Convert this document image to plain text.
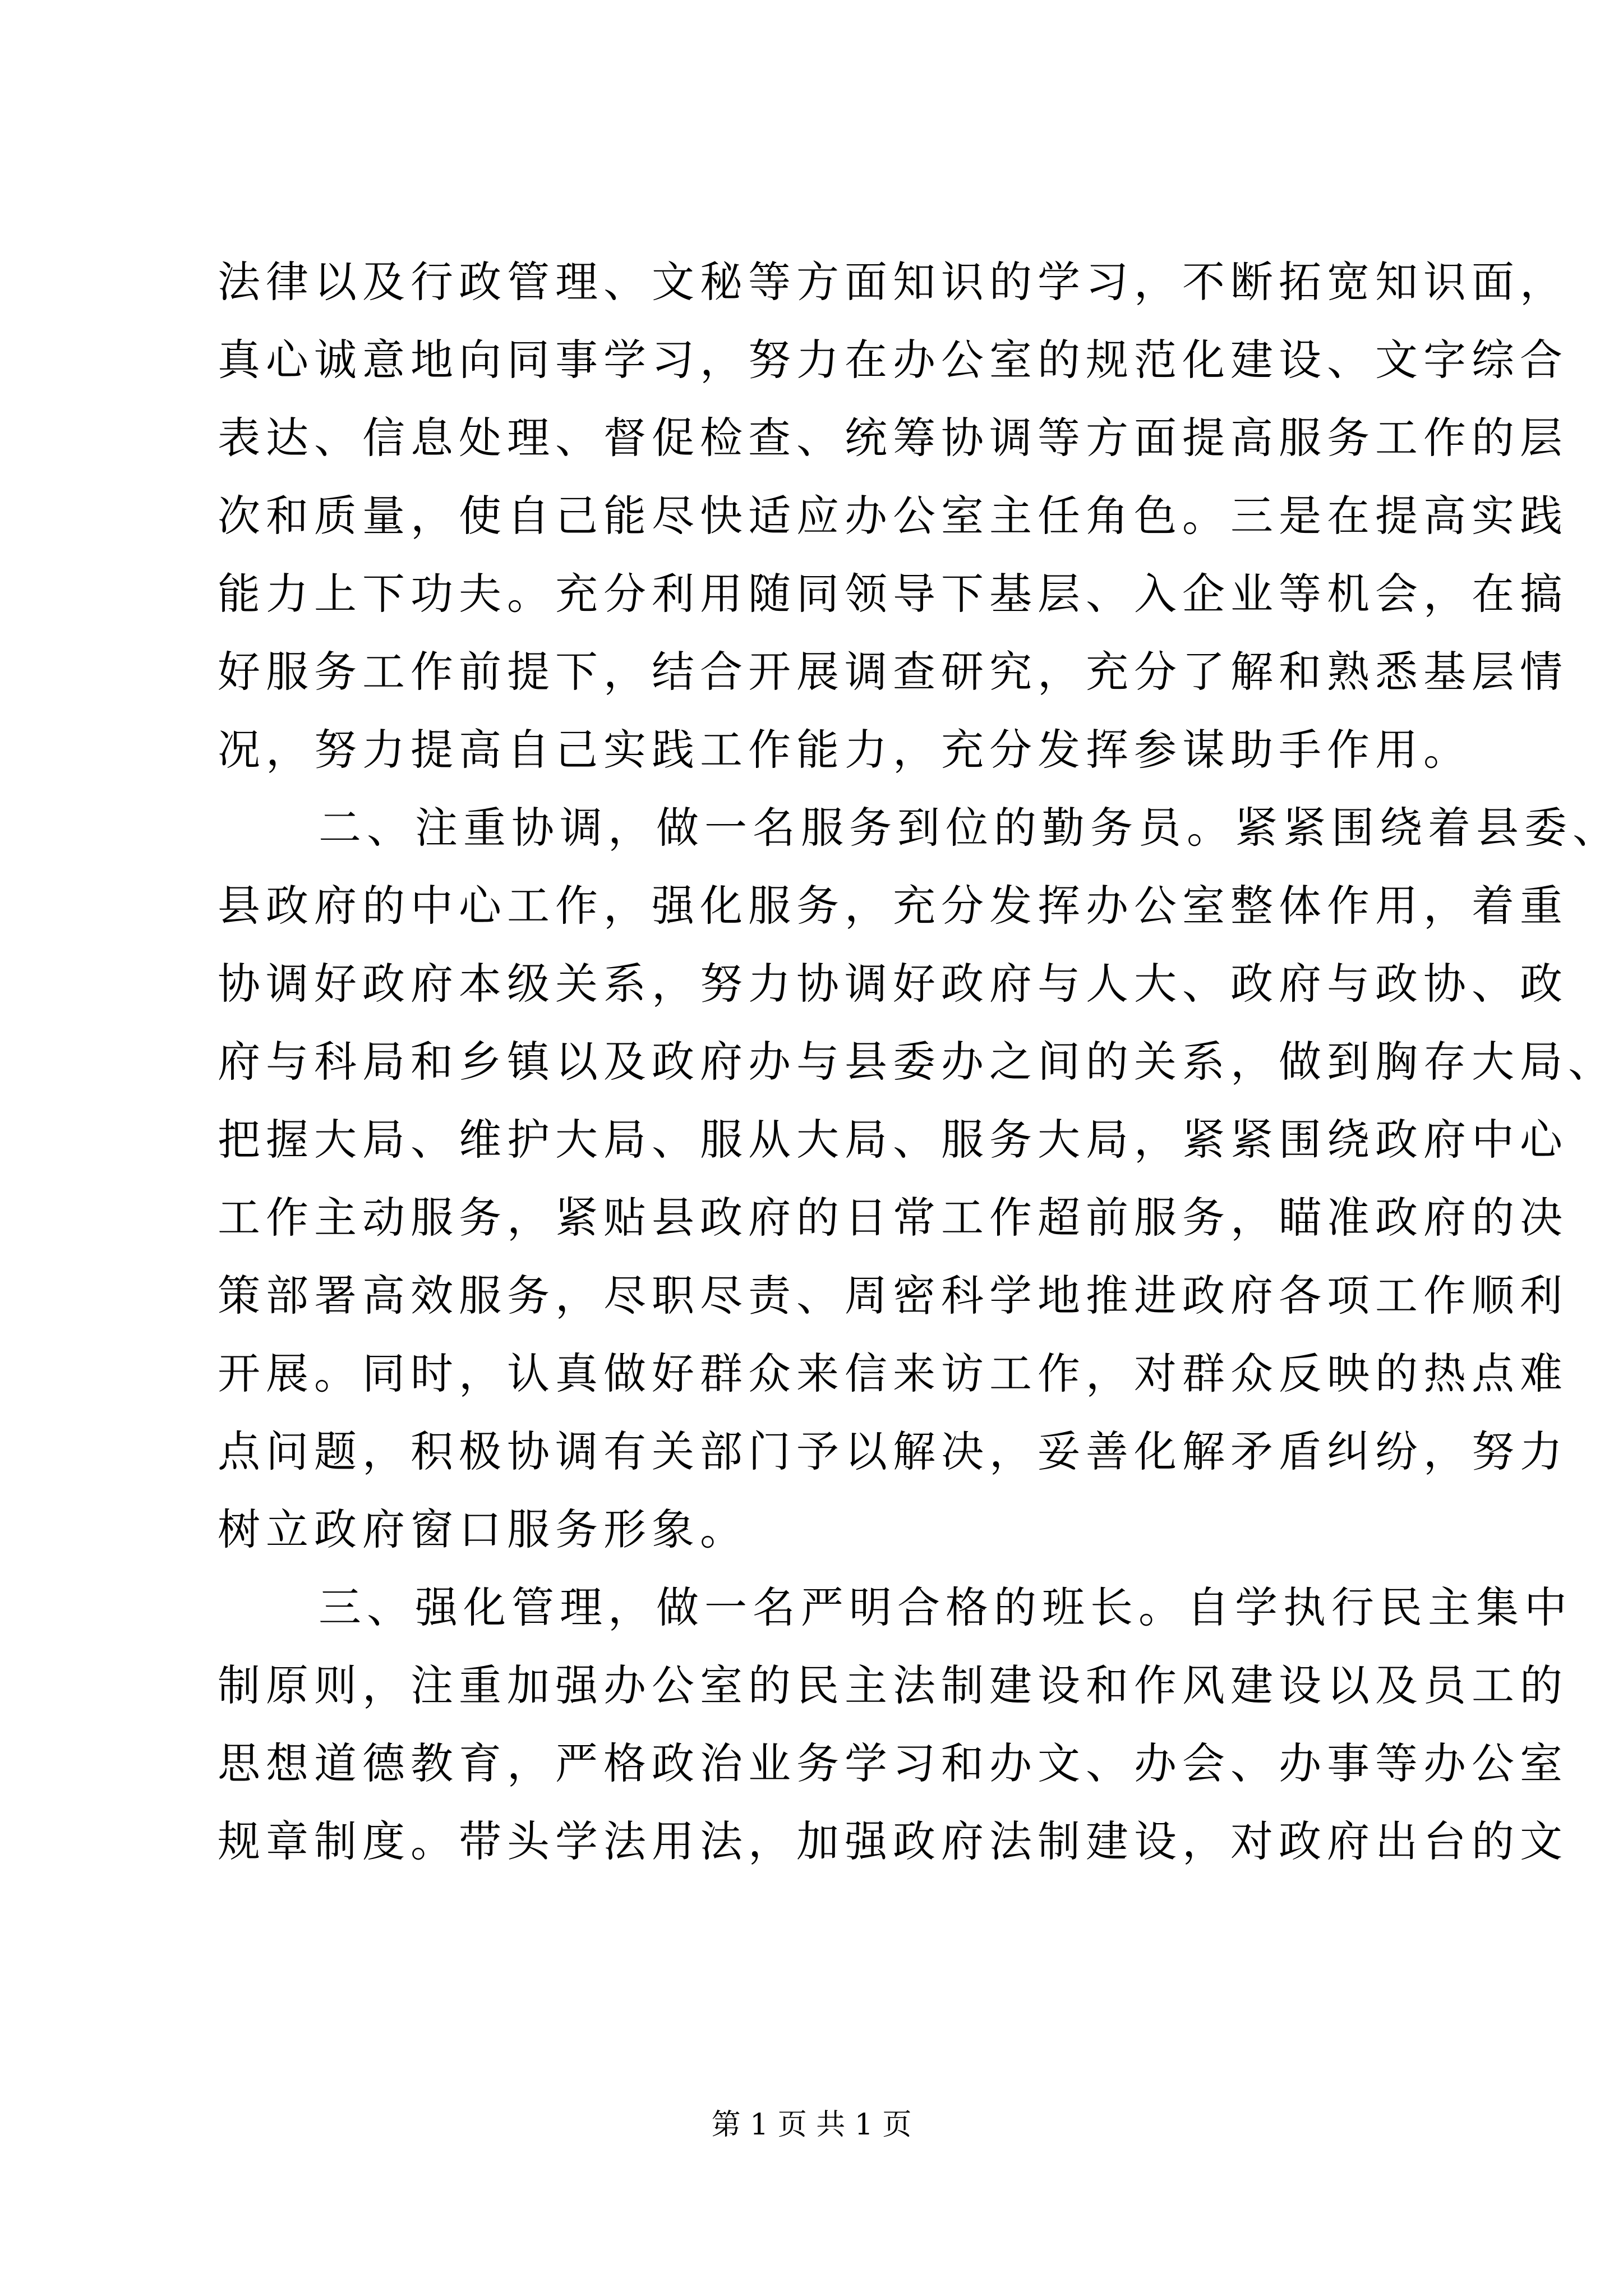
法律以及行政管理、文秘等方面知识的学习，不断拓宽知识面，
真心诚意地向同事学习，努力在办公室的规范化建设、文字综合
表达、信息处理、督促检查、统筹协调等方面提高服务工作的层
次和质量，使自己能尽快适应办公室主任角色。三是在提高实践
能力上下功夫。充分利用随同领导下基层、入企业等机会，在搞
好服务工作前提下，结合开展调查研究，充分了解和熟悉基层情
况，努力提高自己实践工作能力，充分发挥参谋助手作用。
二、注重协调，做一名服务到位的勤务员。紧紧围绕着县委、
县政府的中心工作，强化服务，充分发挥办公室整体作用，着重
协调好政府本级关系，努力协调好政府与人大、政府与政协、政
府与科局和乡镇以及政府办与县委办之间的关系，做到胸存大局、
把握大局、维护大局、服从大局、服务大局，紧紧围绕政府中心
工作主动服务，紧贴县政府的日常工作超前服务，瞄准政府的决
策部署高效服务，尽职尽责、周密科学地推进政府各项工作顺利
开展。同时，认真做好群众来信来访工作，对群众反映的热点难
点问题，积极协调有关部门予以解决，妥善化解矛盾纠纷，努力
树立政府窗口服务形象。
三、强化管理，做一名严明合格的班长。自学执行民主集中
制原则，注重加强办公室的民主法制建设和作风建设以及员工的
思想道德教育，严格政治业务学习和办文、办会、办事等办公室
规章制度。带头学法用法，加强政府法制建设，对政府出台的文
第 1 页 共 1 页
